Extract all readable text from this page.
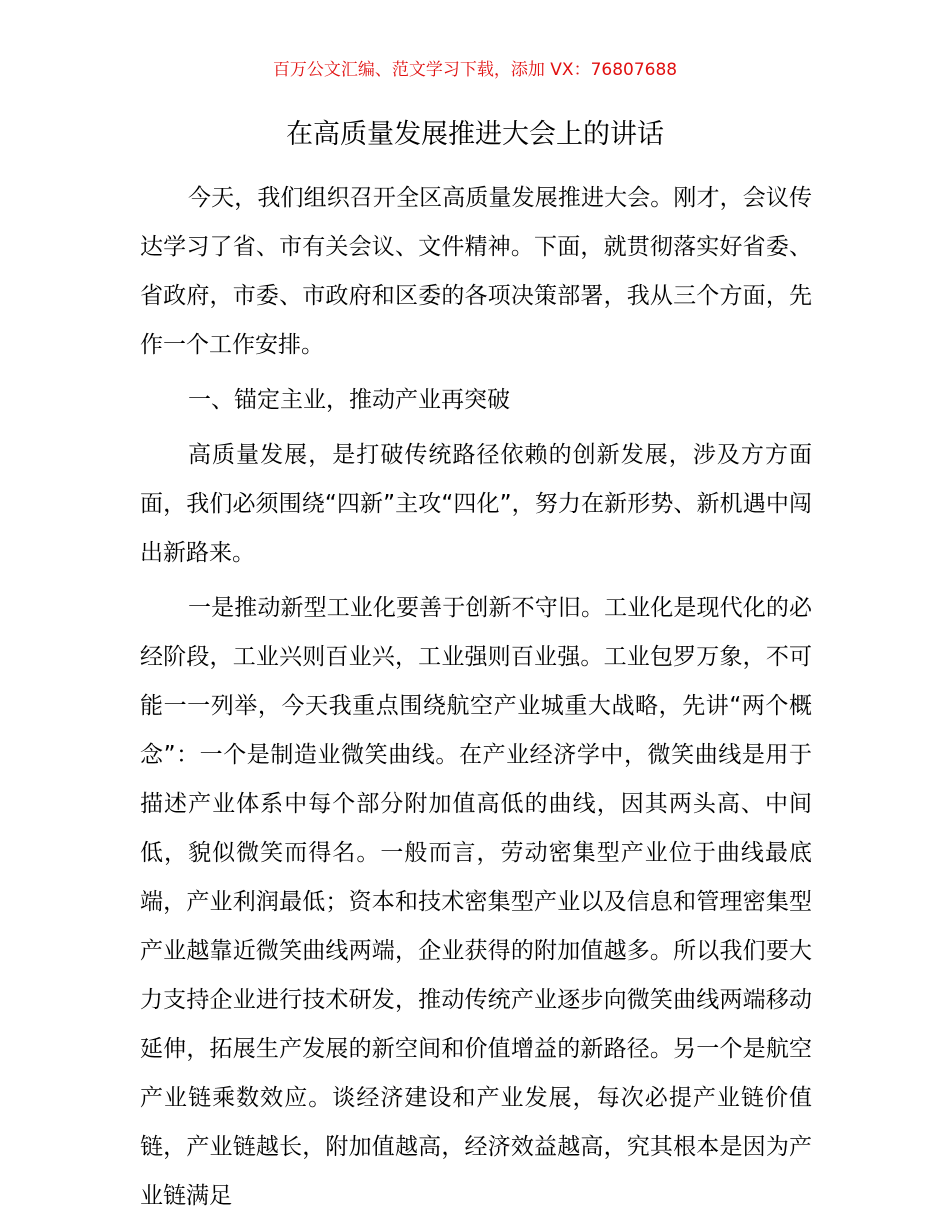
百万公文汇编、范文学习下载，添加 VX：76807688
在高质量发展推进大会上的讲话

今天，我们组织召开全区高质量发展推进大会。刚才，会议传达学习了省、市有关会议、文件精神。下面，就贯彻落实好省委、省政府，市委、市政府和区委的各项决策部署，我从三个方面，先作一个工作安排。

一、锚定主业，推动产业再突破

高质量发展，是打破传统路径依赖的创新发展，涉及方方面面，我们必须围绕“四新”主攻“四化”，努力在新形势、新机遇中闯出新路来。

一是推动新型工业化要善于创新不守旧。工业化是现代化的必经阶段，工业兴则百业兴，工业强则百业强。工业包罗万象，不可能一一列举，今天我重点围绕航空产业城重大战略，先讲“两个概念”：一个是制造业微笑曲线。在产业经济学中，微笑曲线是用于描述产业体系中每个部分附加值高低的曲线，因其两头高、中间低，貌似微笑而得名。一般而言，劳动密集型产业位于曲线最底端，产业利润最低；资本和技术密集型产业以及信息和管理密集型产业越靠近微笑曲线两端，企业获得的附加值越多。所以我们要大力支持企业进行技术研发，推动传统产业逐步向微笑曲线两端移动延伸，拓展生产发展的新空间和价值增益的新路径。另一个是航空产业链乘数效应。谈经济建设和产业发展，每次必提产业链价值链，产业链越长，附加值越高，经济效益越高，究其根本是因为产业链满足
